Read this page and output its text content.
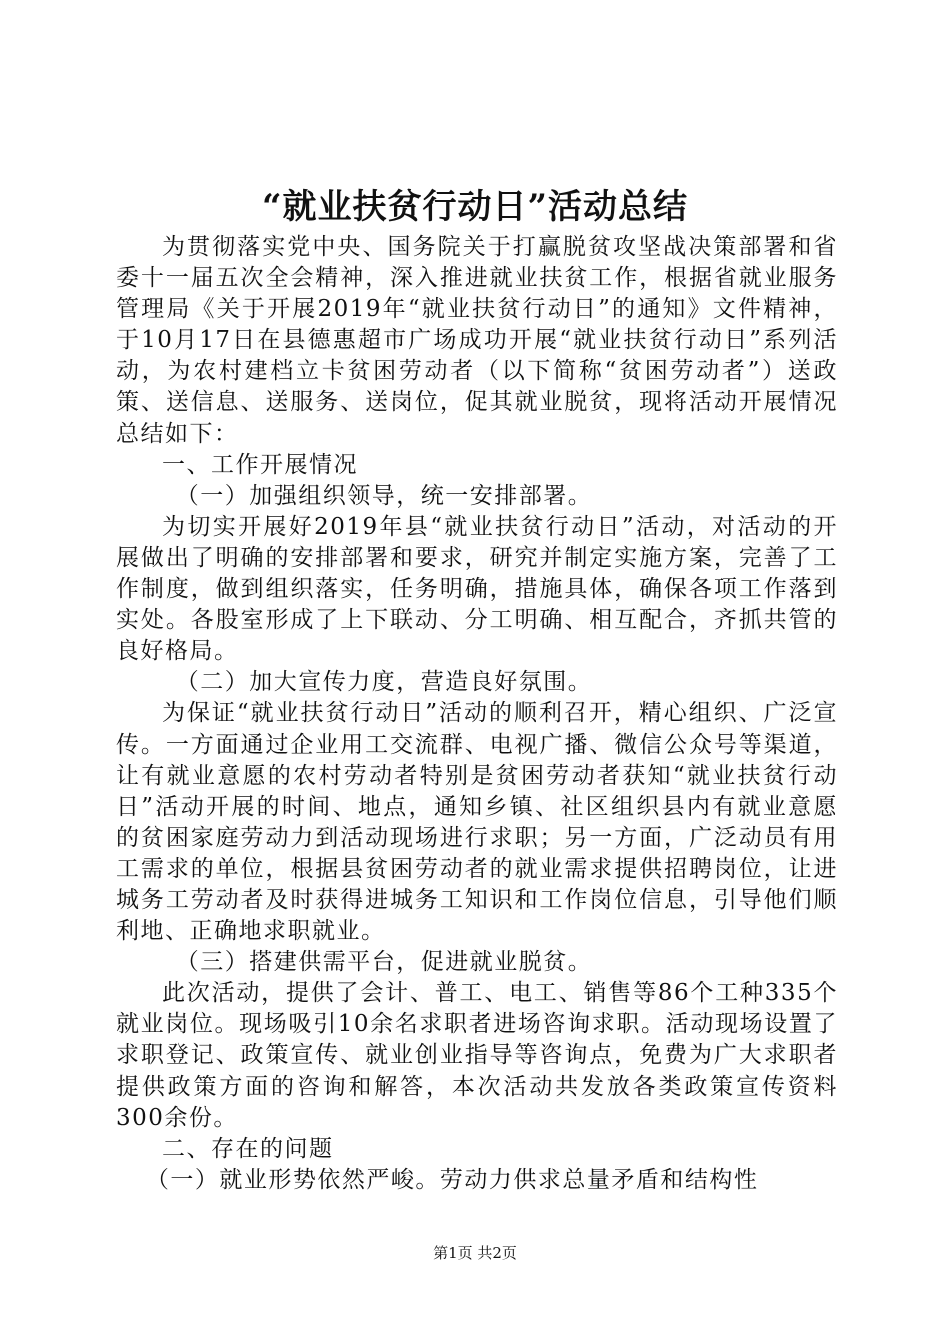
“就业扶贫行动日”活动总结

为贯彻落实党中央、国务院关于打赢脱贫攻坚战决策部署和省委十一届五次全会精神，深入推进就业扶贫工作，根据省就业服务管理局《关于开展2019年“就业扶贫行动日”的通知》文件精神，于10月17日在县德惠超市广场成功开展“就业扶贫行动日”系列活动，为农村建档立卡贫困劳动者（以下简称“贫困劳动者”）送政策、送信息、送服务、送岗位，促其就业脱贫，现将活动开展情况总结如下：

一、工作开展情况

（一）加强组织领导，统一安排部署。

为切实开展好2019年县“就业扶贫行动日”活动，对活动的开展做出了明确的安排部署和要求，研究并制定实施方案，完善了工作制度，做到组织落实，任务明确，措施具体，确保各项工作落到实处。各股室形成了上下联动、分工明确、相互配合，齐抓共管的良好格局。

（二）加大宣传力度，营造良好氛围。

为保证“就业扶贫行动日”活动的顺利召开，精心组织、广泛宣传。一方面通过企业用工交流群、电视广播、微信公众号等渠道，让有就业意愿的农村劳动者特别是贫困劳动者获知“就业扶贫行动日”活动开展的时间、地点，通知乡镇、社区组织县内有就业意愿的贫困家庭劳动力到活动现场进行求职；另一方面，广泛动员有用工需求的单位，根据县贫困劳动者的就业需求提供招聘岗位，让进城务工劳动者及时获得进城务工知识和工作岗位信息，引导他们顺利地、正确地求职就业。

（三）搭建供需平台，促进就业脱贫。

此次活动，提供了会计、普工、电工、销售等86个工种335个就业岗位。现场吸引10余名求职者进场咨询求职。活动现场设置了求职登记、政策宣传、就业创业指导等咨询点，免费为广大求职者提供政策方面的咨询和解答，本次活动共发放各类政策宣传资料300余份。

二、存在的问题

（一）就业形势依然严峻。劳动力供求总量矛盾和结构性

第1页 共2页
